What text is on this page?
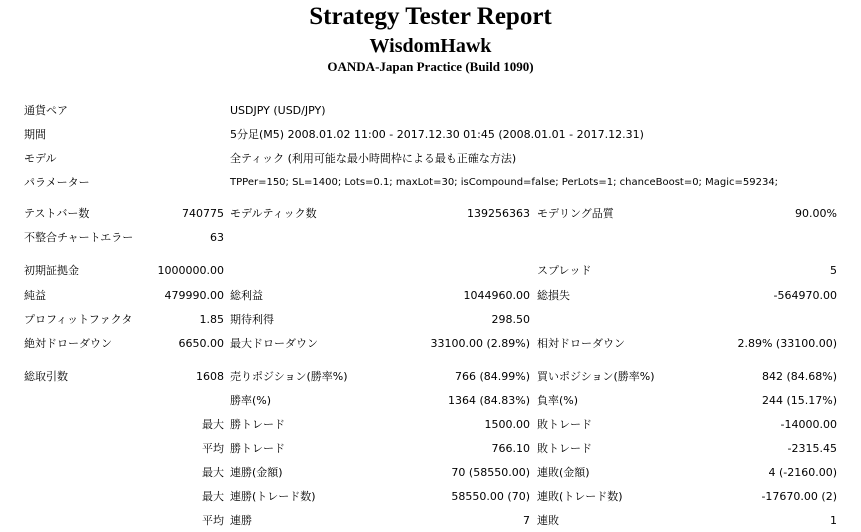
Strategy Tester Report
WisdomHawk
OANDA-Japan Practice (Build 1090)
通貨ペア	USDJPY (USD/JPY)
期間	5分足(M5) 2008.01.02 11:00 - 2017.12.30 01:45 (2008.01.01 - 2017.12.31)
モデル	全ティック (利用可能な最小時間枠による最も正確な方法)
パラメーター	TPPer=150; SL=1400; Lots=0.1; maxLot=30; isCompound=false; PerLots=1; chanceBoost=0; Magic=59234;
テストバー数	740775 モデルティック数	139256363 モデリング品質	90.00%
不整合チャートエラー	63
初期証拠金	1000000.00	スプレッド	5
純益	479990.00 総利益	1044960.00 総損失	-564970.00
プロフィットファクタ	1.85 期待利得	298.50
絶対ドローダウン	6650.00 最大ドローダウン	33100.00 (2.89%) 相対ドローダウン	2.89% (33100.00)
総取引数	1608 売りポジション(勝率%)	766 (84.99%) 買いポジション(勝率%)	842 (84.68%)
勝率(%)	1364 (84.83%) 負率(%)	244 (15.17%)
最大 勝トレード	1500.00 敗トレード	-14000.00
平均 勝トレード	766.10 敗トレード	-2315.45
最大 連勝(金額)	70 (58550.00) 連敗(金額)	4 (-2160.00)
最大 連勝(トレード数)	58550.00 (70) 連敗(トレード数)	-17670.00 (2)
平均 連勝	7 連敗	1
